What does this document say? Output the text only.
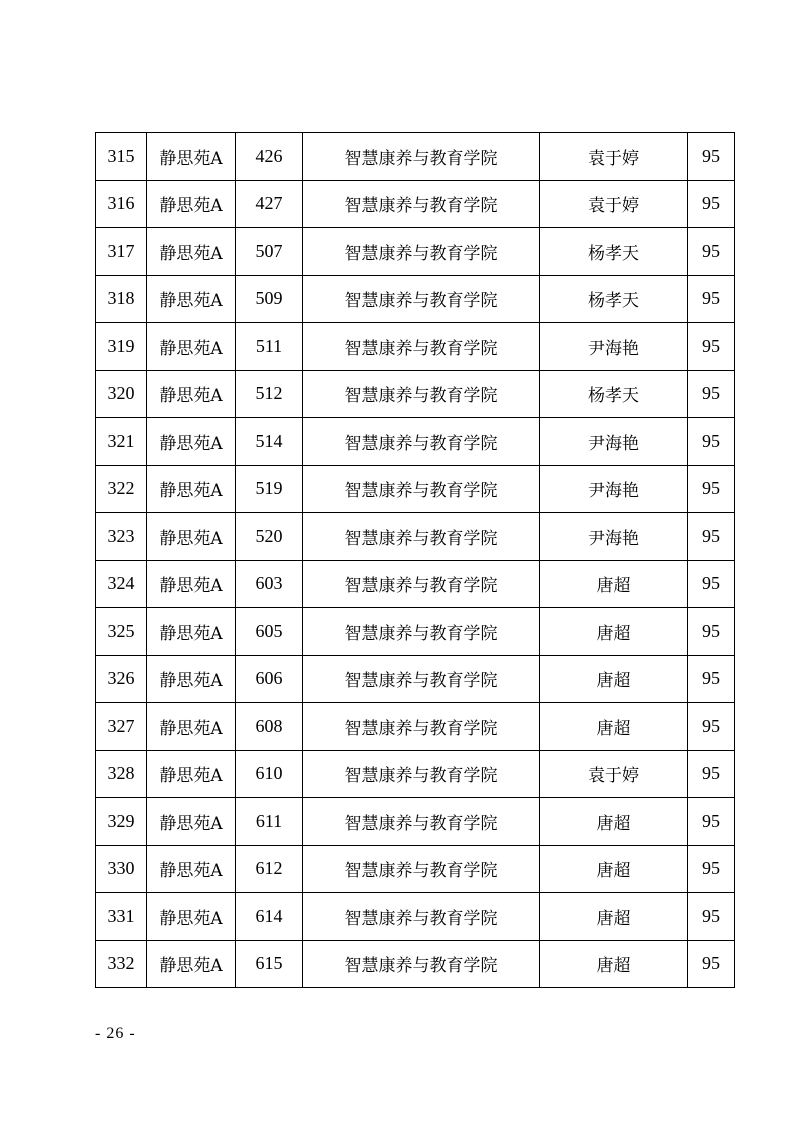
315	静思苑A	426	智慧康养与教育学院	袁于婷	95
316	静思苑A	427	智慧康养与教育学院	袁于婷	95
317	静思苑A	507	智慧康养与教育学院	杨孝天	95
318	静思苑A	509	智慧康养与教育学院	杨孝天	95
319	静思苑A	511	智慧康养与教育学院	尹海艳	95
320	静思苑A	512	智慧康养与教育学院	杨孝天	95
321	静思苑A	514	智慧康养与教育学院	尹海艳	95
322	静思苑A	519	智慧康养与教育学院	尹海艳	95
323	静思苑A	520	智慧康养与教育学院	尹海艳	95
324	静思苑A	603	智慧康养与教育学院	唐超	95
325	静思苑A	605	智慧康养与教育学院	唐超	95
326	静思苑A	606	智慧康养与教育学院	唐超	95
327	静思苑A	608	智慧康养与教育学院	唐超	95
328	静思苑A	610	智慧康养与教育学院	袁于婷	95
329	静思苑A	611	智慧康养与教育学院	唐超	95
330	静思苑A	612	智慧康养与教育学院	唐超	95
331	静思苑A	614	智慧康养与教育学院	唐超	95
332	静思苑A	615	智慧康养与教育学院	唐超	95
- 26 -
